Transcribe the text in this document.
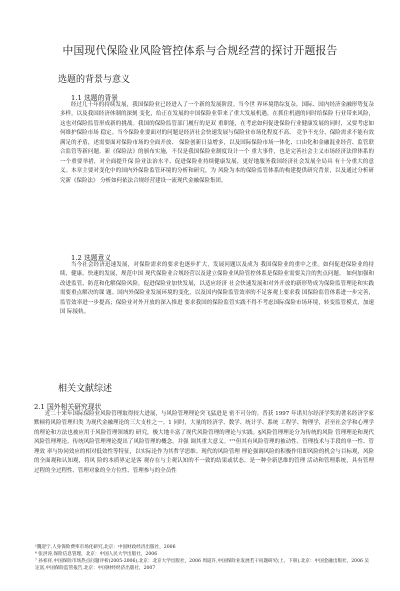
中国现代保险业风险管控体系与合规经营的探讨开题报告
选题的背景与意义
1.1 选题的背景

经过几十年的持续发展，我国保险业已经进入了一个新的发展阶段。当今世 界环境错综复杂，国际、国内经济金融形势复杂多样，以及我国经济体制的深刻 变化，给正在发展的中国保险业带来了重大发展机遇。在抓住机遇的同时给保险 行业带来风险，这也对保险监管形成新的挑战。我国的保险监管部门履行的是双 重职能，在考虑如何促进保险行业健康发展的同时，又要考虑如何维护保险市场 稳定。当今保险业要面对的问题是经济社会快速发展与保险业市场化程度不高、 竞争不充分、保险需求不能有效满足的矛盾，述需要面对保险市场的全面开放、 保险创新日益增多，以及国际保险市场一体化、口由化和金融混业经营、监管联 合监管等新问题。新《保险法》的颁布实施，不仅是我国保险业制度设计一个 重大事件，也是完善社会主义市场经济法律体系的一个重要举措，对全面提升保 险业法治水平、促进保险业持续健康发展，更好地服务我国经济社会发展全局具 有十分重大的意义。本章主要对变化中的国内外保险监管环境的分析和研究，为 风险为本的保险监管体系的构建提供研究背景，以及通过分析研究新《保险法》 分析如何依法合规经营建设一流现代金融保险集团。

1.2 选题意义

当今社会经济迅速发展，对保险需求的要求也逐步扩大，发展问题以及成为 我国保险业的重中之重。如何促进保险业的持续、健康、快速的发展，规范中国 现代保险业合规经营以及建立保险业风险管控体系是保险业需要关注的焦点问题。 如何加强和改进监管，防范和化解保险风险，促进保险业加快发展，以适应经济 社会快速发展和对外开放的新形势成为保险监管理论和实践需要重点解决的课 题。国内外保险业发展环境的变化，以及国内保险监管效率的不足客观上要求我 国保险监管体系进一步完善，监管效率进一步提高；保险业对外开放的深入推进 要求我国的保险监管实践不得不考虑国际保险市场环境，转变监管模式，加速国 际接轨。

相关文献综述
2.1 国外相关研究现状

近二十来年国际保险业风险管理取得较大进展，与风险管理理论突飞猛进是 密不可分的。普获 1997 年诺贝尔经济学奖的著名经济学家默顿将风险管理归类 为现代金融理论的三大支柱之一。1 同时，大量的经济学、数学、统计学、系统 工程学、物理学，甚至社会学和心理学的理论和方法也被应用于风险管理领域的 研究，极大地丰富了现代风险管理的理论与实践。§风险管理理论分为传统的风险 管理理论和现代风险管理理论。传统风险管理理论提出了风险管理的概念，并强 调其重大意义。¹⁷¹但其有风险管理的被动性、管理技术与手段的单一性、管理效 率与协同效应的相对低效性等特征，以实际论作为其哲学思维。现代的风险管理 理论强调风险的积极作用即风险的机会与目标观，风险的全面观和认知观，将风 险的本质界定是客 观存在与主观认知的不一致的结果或状态。是一种全新思维的管理 活动和管理系统，具有管理过程的全过程性、管理对象的全方位性、管理参与的全员性

¹魏迎宁,人身保险费率市场化研究,北京：中国财政经济出版社，2006

⁶ 张洪涛,保险信息管理，北京：中国人民大学出版社，2006

⁷ 孙祁祥,中国保险市场热点问题评析(2005-2006),北京：北京大学出版社，2006 周道许,中国保险业发展若干问题研究(上、下册),北京：中国金融出版社，2006 吴定富,中国保险监管报告,北京：中国财经经济出版社，2007
